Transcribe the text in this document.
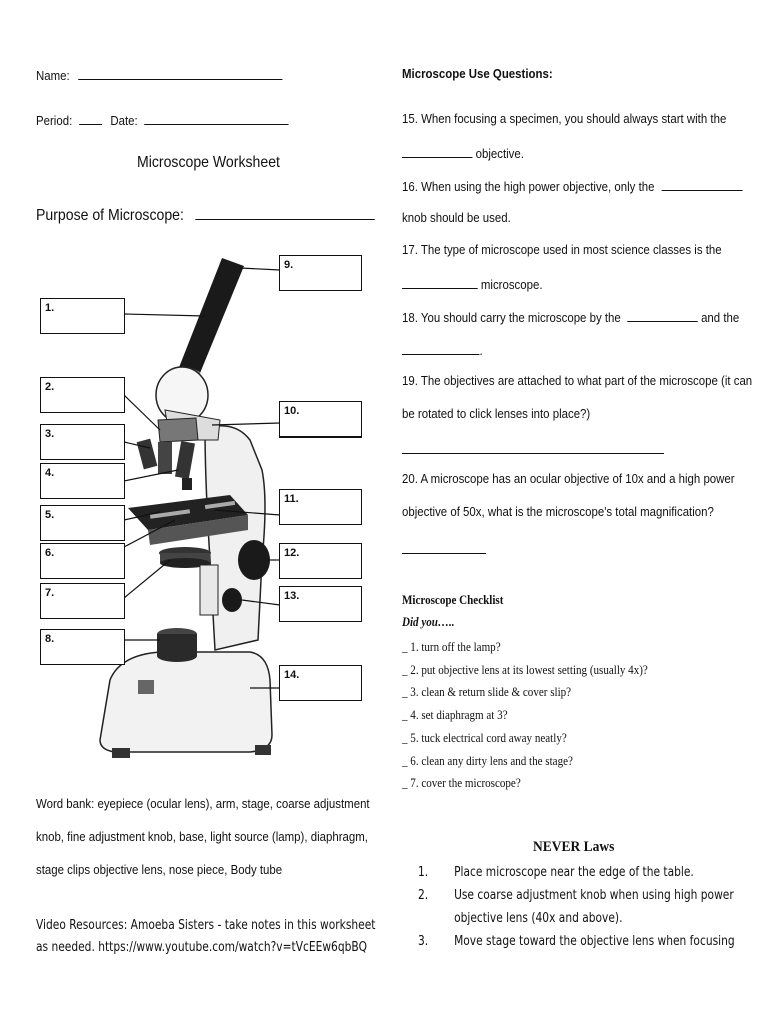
Name:
Period:	Date:
Microscope Worksheet
Purpose of Microscope:
1.
2.
3.
4.
5.
6.
7.
8.
9.
10.
11.
12.
13.
14.
Word bank: eyepiece (ocular lens), arm, stage, coarse adjustment
knob, fine adjustment knob, base, light source (lamp), diaphragm,
stage clips objective lens, nose piece, Body tube
Video Resources: Amoeba Sisters - take notes in this worksheet
as needed. https://www.youtube.com/watch?v=tVcEEw6qbBQ
Microscope Use Questions:
15. When focusing a specimen, you should always start with the
objective.
16. When using the high power objective, only the
knob should be used.
17. The type of microscope used in most science classes is the
microscope.
18. You should carry the microscope by the	and the
.
19. The objectives are attached to what part of the microscope (it can
be rotated to click lenses into place?)
20. A microscope has an ocular objective of 10x and a high power
objective of 50x, what is the microscope's total magnification?
Microscope Checklist
Did you…..
_ 1. turn off the lamp?
_ 2. put objective lens at its lowest setting (usually 4x)?
_ 3. clean & return slide & cover slip?
_ 4. set diaphragm at 3?
_ 5. tuck electrical cord away neatly?
_ 6. clean any dirty lens and the stage?
_ 7. cover the microscope?
NEVER Laws
1. Place microscope near the edge of the table.
2. Use coarse adjustment knob when using high power
objective lens (40x and above).
3. Move stage toward the objective lens when focusing
